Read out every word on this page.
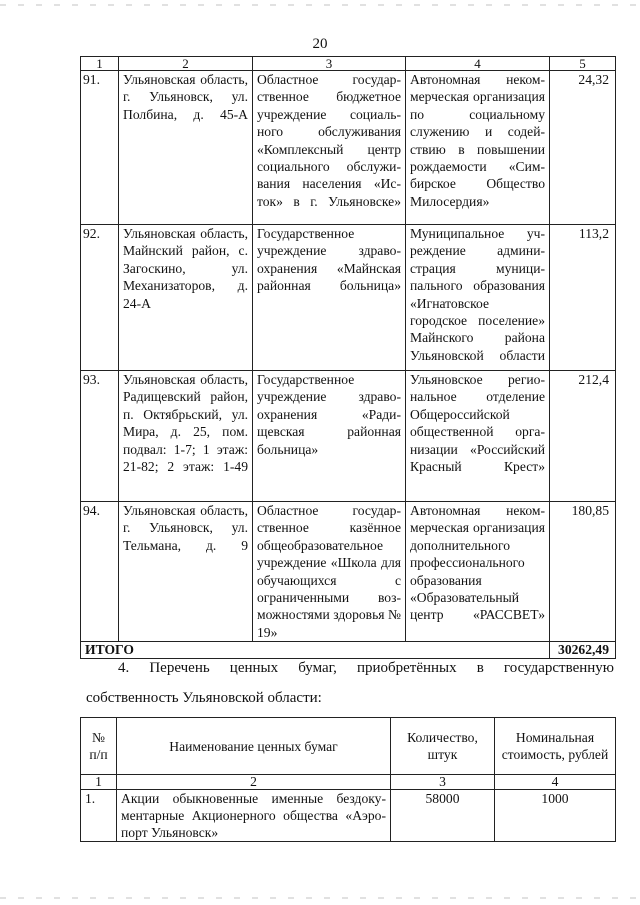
20
1	2	3	4	5
91.	Ульяновская область, г. Ульяновск, ул. Полбина, д. 45-А	Областное государственное бюджетное учреждение социального обслуживания «Комплексный центр социального обслуживания населения «Исток» в г. Ульяновске»	Автономная некоммерческая организация по социальному служению и содействию в повышении рождаемости «Симбирское Общество Милосердия»	24,32
92.	Ульяновская область, Майнский район, с. Загоскино, ул. Механизаторов, д. 24-А	Государственное учреждение здравоохранения «Майнская районная больница»	Муниципальное учреждение администрация муниципального образования «Игнатовское городское поселение» Майнского района Ульяновской области	113,2
93.	Ульяновская область, Радищевский район, п. Октябрьский, ул. Мира, д. 25, пом. подвал: 1-7; 1 этаж: 21-82; 2 этаж: 1-49	Государственное учреждение здравоохранения «Радищевская районная больница»	Ульяновское региональное отделение Общероссийской общественной организации «Российский Красный Крест»	212,4
94.	Ульяновская область, г. Ульяновск, ул. Тельмана, д. 9	Областное государственное казённое общеобразовательное учреждение «Школа для обучающихся с ограниченными возможностями здоровья № 19»	Автономная некоммерческая организация дополнительного профессионального образования «Образовательный центр «РАССВЕТ»	180,85
ИТОГО				30262,49
4. Перечень ценных бумаг, приобретённых в государственную
собственность Ульяновской области:
№ п/п	Наименование ценных бумаг	Количество, штук	Номинальная стоимость, рублей
1	2	3	4
1.	Акции обыкновенные именные бездокументарные Акционерного общества «Аэропорт Ульяновск»	58000	1000
